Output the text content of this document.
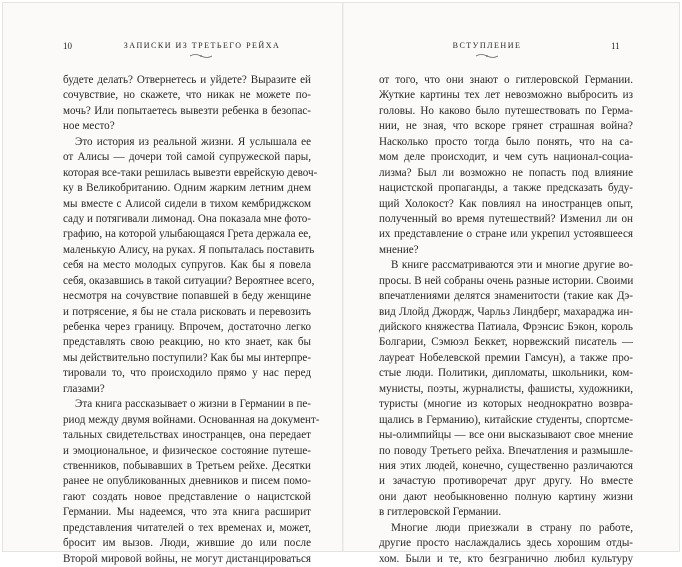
10	ЗАПИСКИ ИЗ ТРЕТЬЕГО РЕЙХА
будете делать? Отвернетесь и уйдете? Выразите ей
сочувствие, но скажете, что никак не можете по-
мочь? Или попытаетесь вывезти ребенка в безопас-
ное место?
Это история из реальной жизни. Я услышала ее
от Алисы — дочери той самой супружеской пары,
которая все-таки решилась вывезти еврейскую девоч-
ку в Великобританию. Одним жарким летним днем
мы вместе с Алисой сидели в тихом кембриджском
саду и потягивали лимонад. Она показала мне фото-
графию, на которой улыбающаяся Грета держала ее,
маленькую Алису, на руках. Я попыталась поставить
себя на место молодых супругов. Как бы я повела
себя, оказавшись в такой ситуации? Вероятнее всего,
несмотря на сочувствие попавшей в беду женщине
и потрясение, я бы не стала рисковать и перевозить
ребенка через границу. Впрочем, достаточно легко
представлять свою реакцию, но кто знает, как бы
мы действительно поступили? Как бы мы интерпре-
тировали то, что происходило прямо у нас перед
глазами?
Эта книга рассказывает о жизни в Германии в пе-
риод между двумя войнами. Основанная на документ-
тальных свидетельствах иностранцев, она передает
и эмоциональное, и физическое состояние путеше-
ственников, побывавших в Третьем рейхе. Десятки
ранее не опубликованных дневников и писем помо-
гают создать новое представление о нацистской
Германии. Мы надеемся, что эта книга расширит
представления читателей о тех временах и, может,
бросит им вызов. Люди, жившие до или после
Второй мировой войны, не могут дистанцироваться
ВСТУПЛЕНИЕ	11
от того, что они знают о гитлеровской Германии.
Жуткие картины тех лет невозможно выбросить из
головы. Но каково было путешествовать по Герма-
нии, не зная, что вскоре грянет страшная война?
Насколько просто тогда было понять, что на са-
мом деле происходит, и чем суть национал-социа-
лизма? Был ли возможно не попасть под влияние
нацистской пропаганды, а также предсказать буду-
щий Холокост? Как повлиял на иностранцев опыт,
полученный во время путешествий? Изменил ли он
их представление о стране или укрепил устоявшееся
мнение?
В книге рассматриваются эти и многие другие во-
просы. В ней собраны очень разные истории. Своими
впечатлениями делятся знаменитости (такие как Дэ-
вид Ллойд Джордж, Чарльз Линдберг, махараджа ин-
дийского княжества Патиала, Фрэнсис Бэкон, король
Болгарии, Сэмюэл Беккет, норвежский писатель —
лауреат Нобелевской премии Гамсун), а также про-
стые люди. Политики, дипломаты, школьники, ком-
мунисты, поэты, журналисты, фашисты, художники,
туристы (многие из которых неоднократно возвра-
щались в Германию), китайские студенты, спортсме-
ны-олимпийцы — все они высказывают свое мнение
по поводу Третьего рейха. Впечатления и размышле-
ния этих людей, конечно, существенно различаются
и зачастую противоречат друг другу. Но вместе
они дают необыкновенно полную картину жизни
в гитлеровской Германии.
Многие люди приезжали в страну по работе,
другие просто наслаждались здесь хорошим отды-
хом. Были и те, кто безгранично любил культуру
